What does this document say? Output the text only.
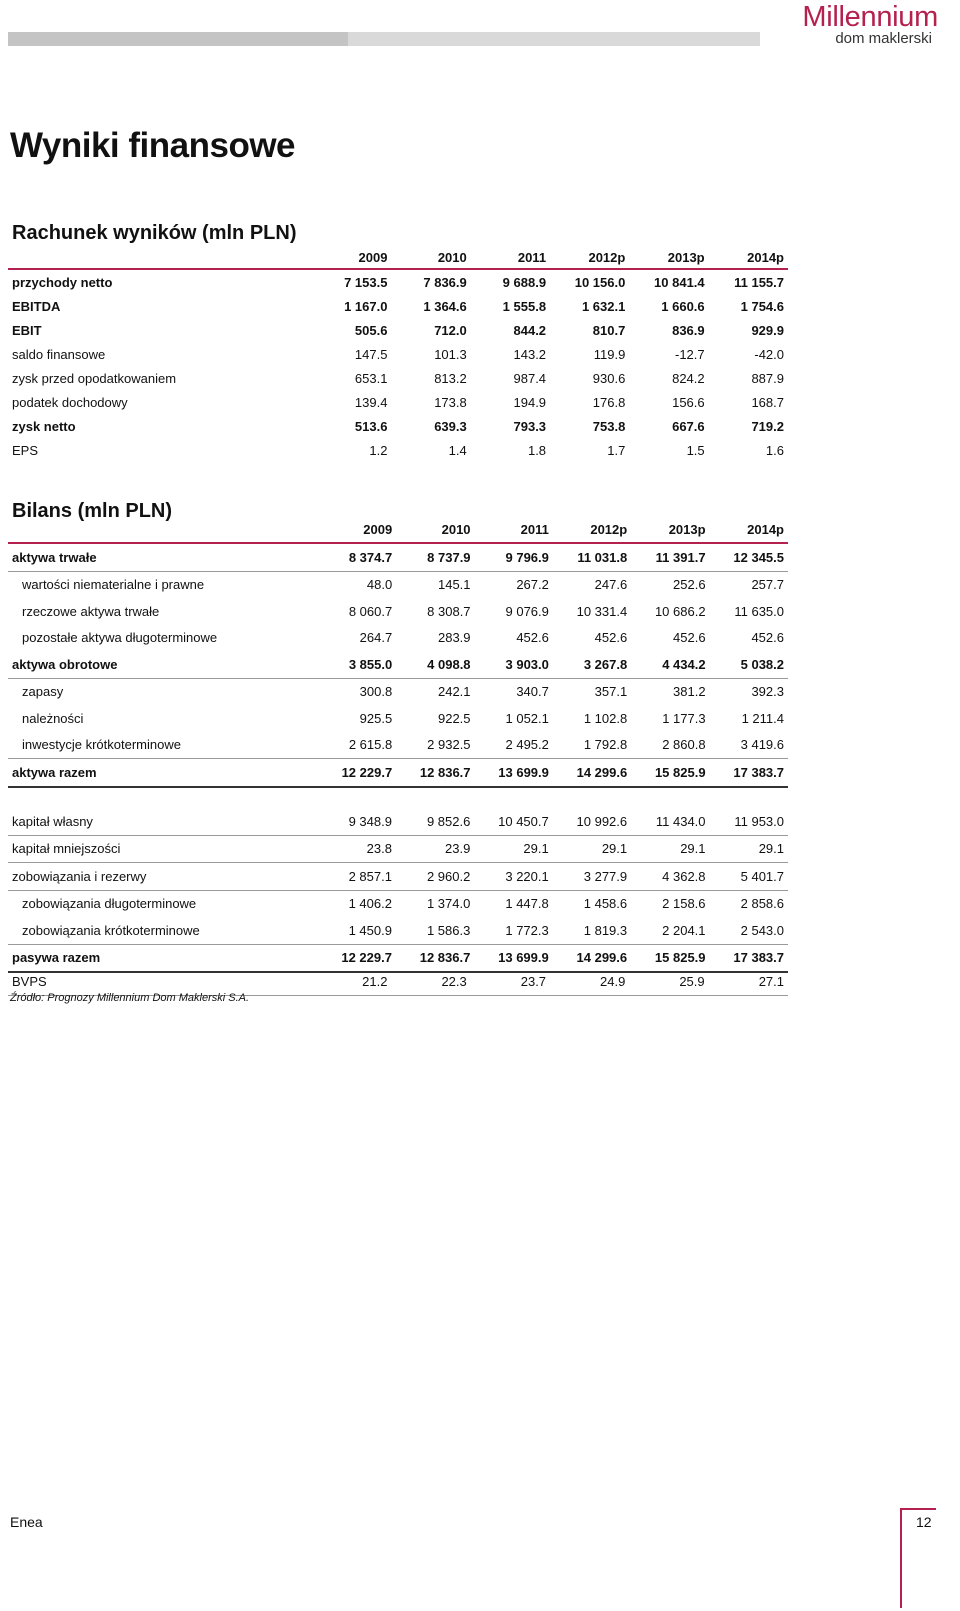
Millennium
dom maklerski
Wyniki finansowe
Rachunek wyników (mln PLN)
	2009	2010	2011	2012p	2013p	2014p
przychody netto	7 153.5	7 836.9	9 688.9	10 156.0	10 841.4	11 155.7
EBITDA	1 167.0	1 364.6	1 555.8	1 632.1	1 660.6	1 754.6
EBIT	505.6	712.0	844.2	810.7	836.9	929.9
saldo finansowe	147.5	101.3	143.2	119.9	-12.7	-42.0
zysk przed opodatkowaniem	653.1	813.2	987.4	930.6	824.2	887.9
podatek dochodowy	139.4	173.8	194.9	176.8	156.6	168.7
zysk netto	513.6	639.3	793.3	753.8	667.6	719.2
EPS	1.2	1.4	1.8	1.7	1.5	1.6
Bilans (mln PLN)
	2009	2010	2011	2012p	2013p	2014p
aktywa trwałe	8 374.7	8 737.9	9 796.9	11 031.8	11 391.7	12 345.5
wartości niematerialne i prawne	48.0	145.1	267.2	247.6	252.6	257.7
rzeczowe aktywa trwałe	8 060.7	8 308.7	9 076.9	10 331.4	10 686.2	11 635.0
pozostałe aktywa długoterminowe	264.7	283.9	452.6	452.6	452.6	452.6
aktywa obrotowe	3 855.0	4 098.8	3 903.0	3 267.8	4 434.2	5 038.2
zapasy	300.8	242.1	340.7	357.1	381.2	392.3
należności	925.5	922.5	1 052.1	1 102.8	1 177.3	1 211.4
inwestycje krótkoterminowe	2 615.8	2 932.5	2 495.2	1 792.8	2 860.8	3 419.6
aktywa razem	12 229.7	12 836.7	13 699.9	14 299.6	15 825.9	17 383.7
kapitał własny	9 348.9	9 852.6	10 450.7	10 992.6	11 434.0	11 953.0
kapitał mniejszości	23.8	23.9	29.1	29.1	29.1	29.1
zobowiązania i rezerwy	2 857.1	2 960.2	3 220.1	3 277.9	4 362.8	5 401.7
zobowiązania długoterminowe	1 406.2	1 374.0	1 447.8	1 458.6	2 158.6	2 858.6
zobowiązania krótkoterminowe	1 450.9	1 586.3	1 772.3	1 819.3	2 204.1	2 543.0
pasywa razem	12 229.7	12 836.7	13 699.9	14 299.6	15 825.9	17 383.7
BVPS	21.2	22.3	23.7	24.9	25.9	27.1
Źródło: Prognozy Millennium Dom Maklerski S.A.
Enea	12
